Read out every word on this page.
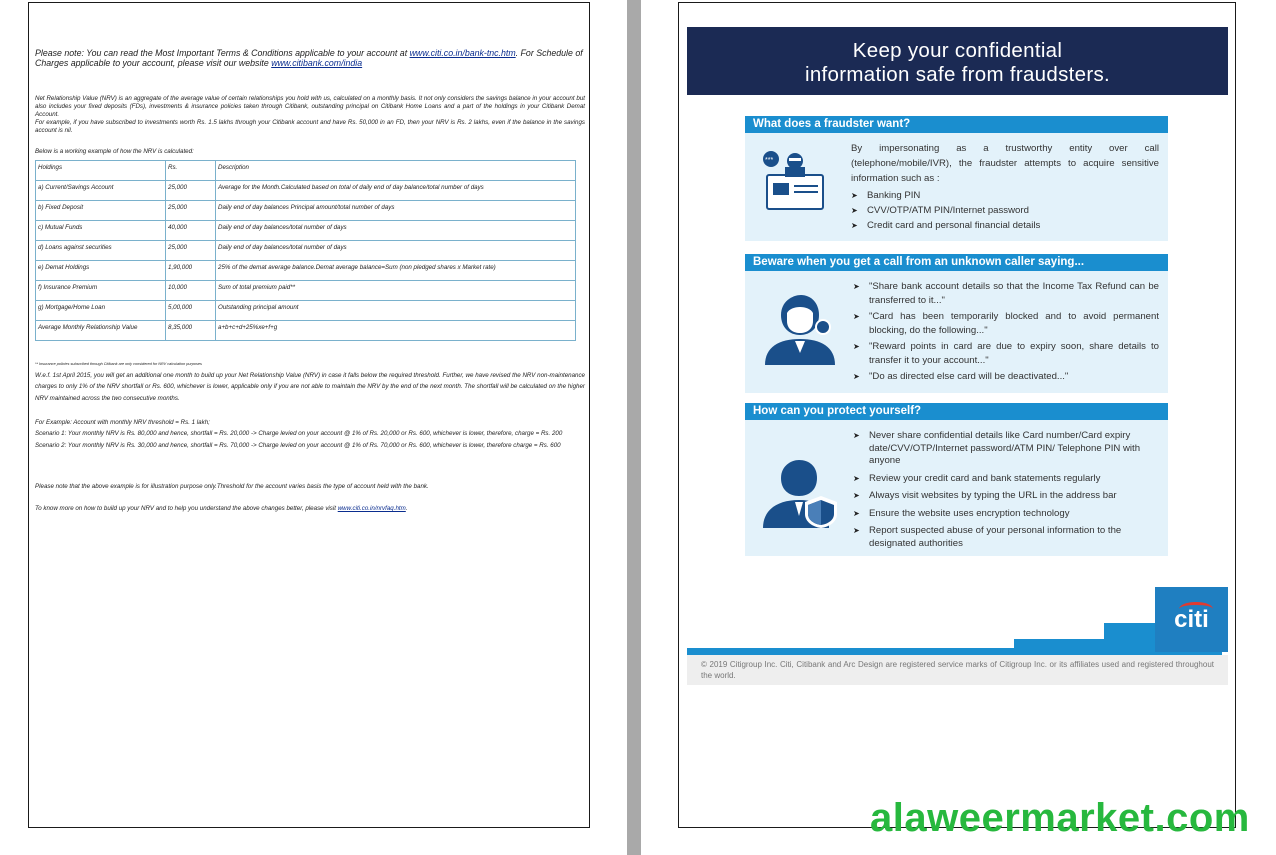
Please note: You can read the Most Important Terms & Conditions applicable to your account at www.citi.co.in/bank-tnc.htm. For Schedule of Charges applicable to your account, please visit our website www.citibank.com/india

Net Relationship Value (NRV) is an aggregate of the average value of certain relationships you hold with us, calculated on a monthly basis. It not only considers the savings balance in your account but also includes your fixed deposits (FDs), investments & insurance policies taken through Citibank, outstanding principal on Citibank Home Loans and a part of the holdings in your Citibank Demat Account.
For example, if you have subscribed to investments worth Rs. 1.5 lakhs through your Citibank account and have Rs. 50,000 in an FD, then your NRV is Rs. 2 lakhs, even if the balance in the savings account is nil.

Below is a working example of how the NRV is calculated:

Holdings	Rs.	Description
a) Current/Savings Account	25,000	Average for the Month.Calculated based on total of daily end of day balance/total number of days
b) Fixed Deposit	25,000	Daily end of day balances Principal amount/total number of days
c) Mutual Funds	40,000	Daily end of day balances/total number of days
d) Loans against securities	25,000	Daily end of day balances/total number of days
e) Demat Holdings	1,90,000	25% of the demat average balance.Demat average balance=Sum (non pledged shares x Market rate)
f) Insurance Premium	10,000	Sum of total premium paid**
g) Mortgage/Home Loan	5,00,000	Outstanding principal amount
Average Monthly Relationship Value	8,35,000	a+b+c+d+25%xe+f+g

** Insurance policies subscribed through Citibank are only considered for NRV calculation purposes

W.e.f. 1st April 2015, you will get an additional one month to build up your Net Relationship Value (NRV) in case it falls below the required threshold. Further, we have revised the NRV non-maintenance charges to only 1% of the NRV shortfall or Rs. 600, whichever is lower, applicable only if you are not able to maintain the NRV by the end of the next month. The shortfall will be calculated on the higher NRV maintained across the two consecutive months.

For Example: Account with monthly NRV threshold = Rs. 1 lakh;
Scenario 1: Your monthly NRV is Rs. 80,000 and hence, shortfall = Rs. 20,000 -> Charge levied on your account @ 1% of Rs. 20,000 or Rs. 600, whichever is lower, therefore, charge = Rs. 200
Scenario 2: Your monthly NRV is Rs. 30,000 and hence, shortfall = Rs. 70,000 -> Charge levied on your account @ 1% of Rs. 70,000 or Rs. 600, whichever is lower, therefore charge = Rs. 600

Please note that the above example is for illustration purpose only.Threshold for the account varies basis the type of account held with the bank.

To know more on how to build up your NRV and to help you understand the above changes better, please visit www.citi.co.in/nrvfaq.htm.

Keep your confidential
information safe from fraudsters.
What does a fraudster want?
***

By impersonating as a trustworthy entity over call (telephone/mobile/IVR), the fraudster attempts to acquire sensitive information such as :

➤ Banking PIN
➤ CVV/OTP/ATM PIN/Internet password
➤ Credit card and personal financial details
Beware when you get a call from an unknown caller saying...
➤ "Share bank account details so that the Income Tax Refund can be transferred to it..."
➤ "Card has been temporarily blocked and to avoid permanent blocking, do the following..."
➤ "Reward points in card are due to expiry soon, share details to transfer it to your account..."
➤ "Do as directed else card will be deactivated..."
How can you protect yourself?
➤ Never share confidential details like Card number/Card expiry date/CVV/OTP/Internet password/ATM PIN/ Telephone PIN with anyone
➤ Review your credit card and bank statements regularly
➤ Always visit websites by typing the URL in the address bar
➤ Ensure the website uses encryption technology
➤ Report suspected abuse of your personal information to the designated authorities
citi
© 2019 Citigroup Inc. Citi, Citibank and Arc Design are registered service marks of Citigroup Inc. or its affiliates used and registered throughout the world.
alaweermarket.com
